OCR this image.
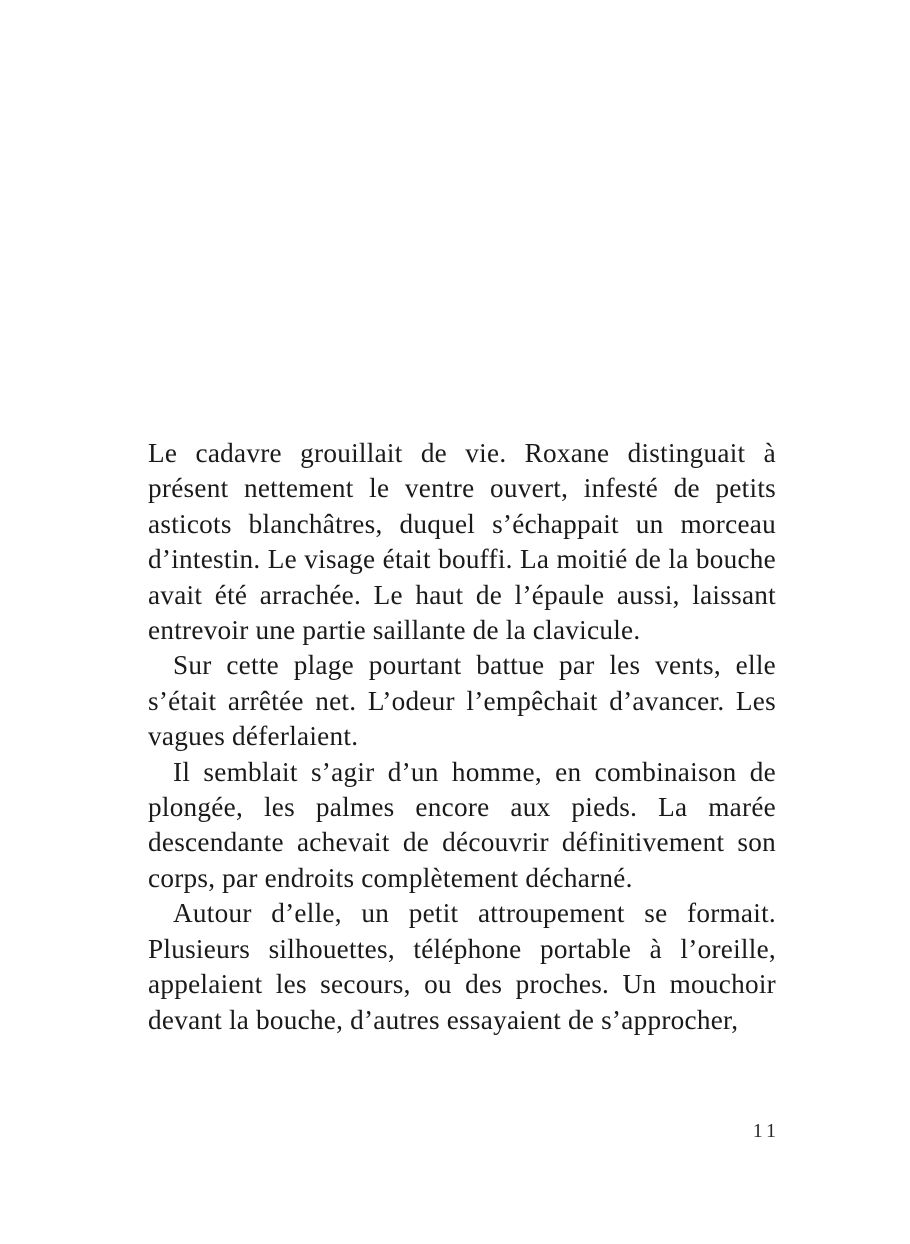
Le cadavre grouillait de vie. Roxane distinguait à présent nettement le ventre ouvert, infesté de petits asticots blanchâtres, duquel s’échappait un morceau d’intestin. Le visage était bouffi. La moitié de la bouche avait été arrachée. Le haut de l’épaule aussi, laissant entrevoir une partie saillante de la clavicule.

Sur cette plage pourtant battue par les vents, elle s’était arrêtée net. L’odeur l’empêchait d’avancer. Les vagues déferlaient.

Il semblait s’agir d’un homme, en combinaison de plongée, les palmes encore aux pieds. La marée descendante achevait de découvrir définitivement son corps, par endroits complètement décharné.

Autour d’elle, un petit attroupement se formait. Plusieurs silhouettes, téléphone portable à l’oreille, appelaient les secours, ou des proches. Un mouchoir devant la bouche, d’autres essayaient de s’approcher,

11
